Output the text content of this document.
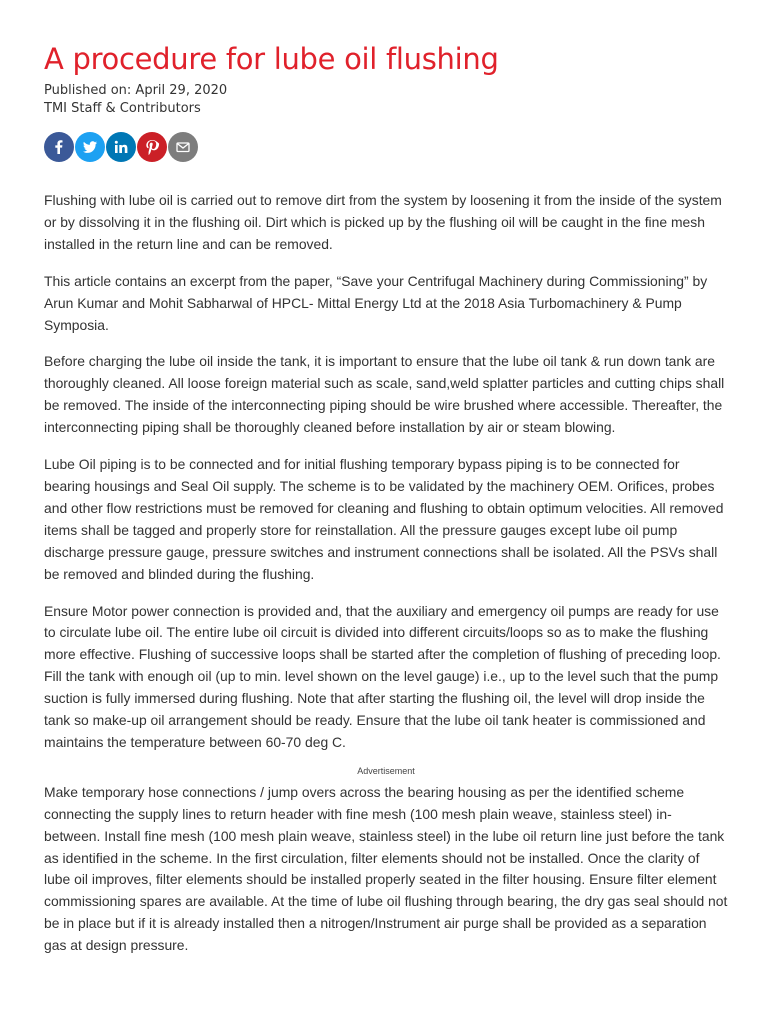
A procedure for lube oil flushing
Published on: April 29, 2020
TMI Staff & Contributors

Flushing with lube oil is carried out to remove dirt from the system by loosening it from the inside of the system or by dissolving it in the flushing oil. Dirt which is picked up by the flushing oil will be caught in the fine mesh installed in the return line and can be removed.

This article contains an excerpt from the paper, “Save your Centrifugal Machinery during Commissioning” by Arun Kumar and Mohit Sabharwal of HPCL- Mittal Energy Ltd at the 2018 Asia Turbomachinery & Pump Symposia.

Before charging the lube oil inside the tank, it is important to ensure that the lube oil tank & run down tank are thoroughly cleaned. All loose foreign material such as scale, sand,weld splatter particles and cutting chips shall be removed. The inside of the interconnecting piping should be wire brushed where accessible. Thereafter, the interconnecting piping shall be thoroughly cleaned before installation by air or steam blowing.

Lube Oil piping is to be connected and for initial flushing temporary bypass piping is to be connected for bearing housings and Seal Oil supply. The scheme is to be validated by the machinery OEM. Orifices, probes and other flow restrictions must be removed for cleaning and flushing to obtain optimum velocities. All removed items shall be tagged and properly store for reinstallation. All the pressure gauges except lube oil pump discharge pressure gauge, pressure switches and instrument connections shall be isolated. All the PSVs shall be removed and blinded during the flushing.

Ensure Motor power connection is provided and, that the auxiliary and emergency oil pumps are ready for use to circulate lube oil. The entire lube oil circuit is divided into different circuits/loops so as to make the flushing more effective. Flushing of successive loops shall be started after the completion of flushing of preceding loop. Fill the tank with enough oil (up to min. level shown on the level gauge) i.e., up to the level such that the pump suction is fully immersed during flushing. Note that after starting the flushing oil, the level will drop inside the tank so make-up oil arrangement should be ready. Ensure that the lube oil tank heater is commissioned and maintains the temperature between 60-70 deg C.

Advertisement

Make temporary hose connections / jump overs across the bearing housing as per the identified scheme connecting the supply lines to return header with fine mesh (100 mesh plain weave, stainless steel) in-between. Install fine mesh (100 mesh plain weave, stainless steel) in the lube oil return line just before the tank as identified in the scheme. In the first circulation, filter elements should not be installed. Once the clarity of lube oil improves, filter elements should be installed properly seated in the filter housing. Ensure filter element commissioning spares are available. At the time of lube oil flushing through bearing, the dry gas seal should not be in place but if it is already installed then a nitrogen/Instrument air purge shall be provided as a separation gas at design pressure.
